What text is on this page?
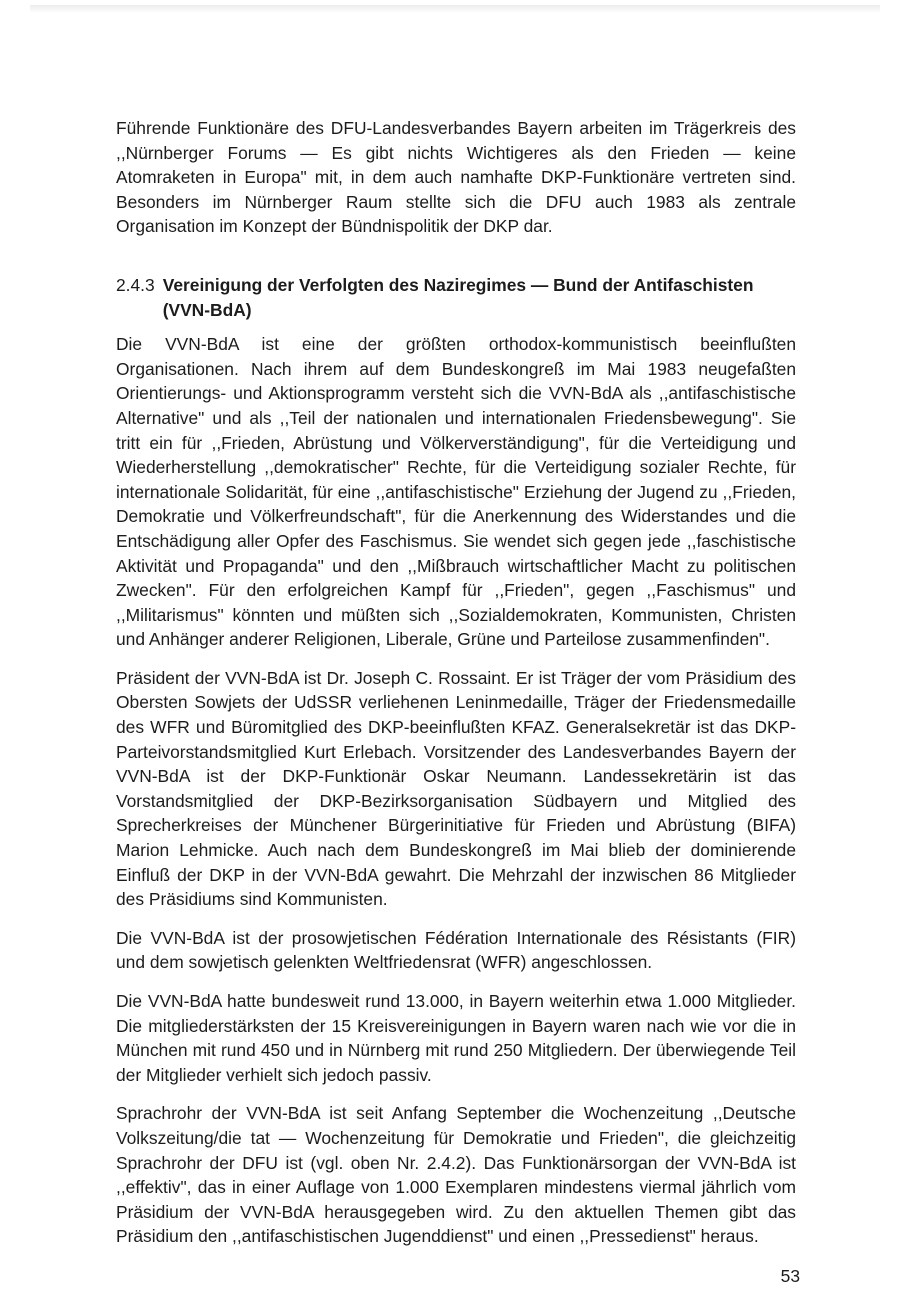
Führende Funktionäre des DFU-Landesverbandes Bayern arbeiten im Trägerkreis des ,,Nürnberger Forums — Es gibt nichts Wichtigeres als den Frieden — keine Atomraketen in Europa" mit, in dem auch namhafte DKP-Funktionäre vertreten sind. Besonders im Nürnberger Raum stellte sich die DFU auch 1983 als zentrale Organisation im Konzept der Bündnispolitik der DKP dar.

2.4.3 Vereinigung der Verfolgten des Naziregimes — Bund der Antifaschisten (VVN-BdA)

Die VVN-BdA ist eine der größten orthodox-kommunistisch beeinflußten Organisationen. Nach ihrem auf dem Bundeskongreß im Mai 1983 neugefaßten Orientierungs- und Aktionsprogramm versteht sich die VVN-BdA als ,,antifaschistische Alternative" und als ,,Teil der nationalen und internationalen Friedensbewegung". Sie tritt ein für ,,Frieden, Abrüstung und Völkerverständigung", für die Verteidigung und Wiederherstellung ,,demokratischer" Rechte, für die Verteidigung sozialer Rechte, für internationale Solidarität, für eine ,,antifaschistische" Erziehung der Jugend zu ,,Frieden, Demokratie und Völkerfreundschaft", für die Anerkennung des Widerstandes und die Entschädigung aller Opfer des Faschismus. Sie wendet sich gegen jede ,,faschistische Aktivität und Propaganda" und den ,,Mißbrauch wirtschaftlicher Macht zu politischen Zwecken". Für den erfolgreichen Kampf für ,,Frieden", gegen ,,Faschismus" und ,,Militarismus" könnten und müßten sich ,,Sozialdemokraten, Kommunisten, Christen und Anhänger anderer Religionen, Liberale, Grüne und Parteilose zusammenfinden".

Präsident der VVN-BdA ist Dr. Joseph C. Rossaint. Er ist Träger der vom Präsidium des Obersten Sowjets der UdSSR verliehenen Leninmedaille, Träger der Friedensmedaille des WFR und Büromitglied des DKP-beeinflußten KFAZ. Generalsekretär ist das DKP-Parteivorstandsmitglied Kurt Erlebach. Vorsitzender des Landesverbandes Bayern der VVN-BdA ist der DKP-Funktionär Oskar Neumann. Landessekretärin ist das Vorstandsmitglied der DKP-Bezirksorganisation Südbayern und Mitglied des Sprecherkreises der Münchener Bürgerinitiative für Frieden und Abrüstung (BIFA) Marion Lehmicke. Auch nach dem Bundeskongreß im Mai blieb der dominierende Einfluß der DKP in der VVN-BdA gewahrt. Die Mehrzahl der inzwischen 86 Mitglieder des Präsidiums sind Kommunisten.

Die VVN-BdA ist der prosowjetischen Fédération Internationale des Résistants (FIR) und dem sowjetisch gelenkten Weltfriedensrat (WFR) angeschlossen.

Die VVN-BdA hatte bundesweit rund 13.000, in Bayern weiterhin etwa 1.000 Mitglieder. Die mitgliederstärksten der 15 Kreisvereinigungen in Bayern waren nach wie vor die in München mit rund 450 und in Nürnberg mit rund 250 Mitgliedern. Der überwiegende Teil der Mitglieder verhielt sich jedoch passiv.

Sprachrohr der VVN-BdA ist seit Anfang September die Wochenzeitung ,,Deutsche Volkszeitung/die tat — Wochenzeitung für Demokratie und Frieden", die gleichzeitig Sprachrohr der DFU ist (vgl. oben Nr. 2.4.2). Das Funktionärsorgan der VVN-BdA ist ,,effektiv", das in einer Auflage von 1.000 Exemplaren mindestens viermal jährlich vom Präsidium der VVN-BdA herausgegeben wird. Zu den aktuellen Themen gibt das Präsidium den ,,antifaschistischen Jugenddienst" und einen ,,Pressedienst" heraus.

53
